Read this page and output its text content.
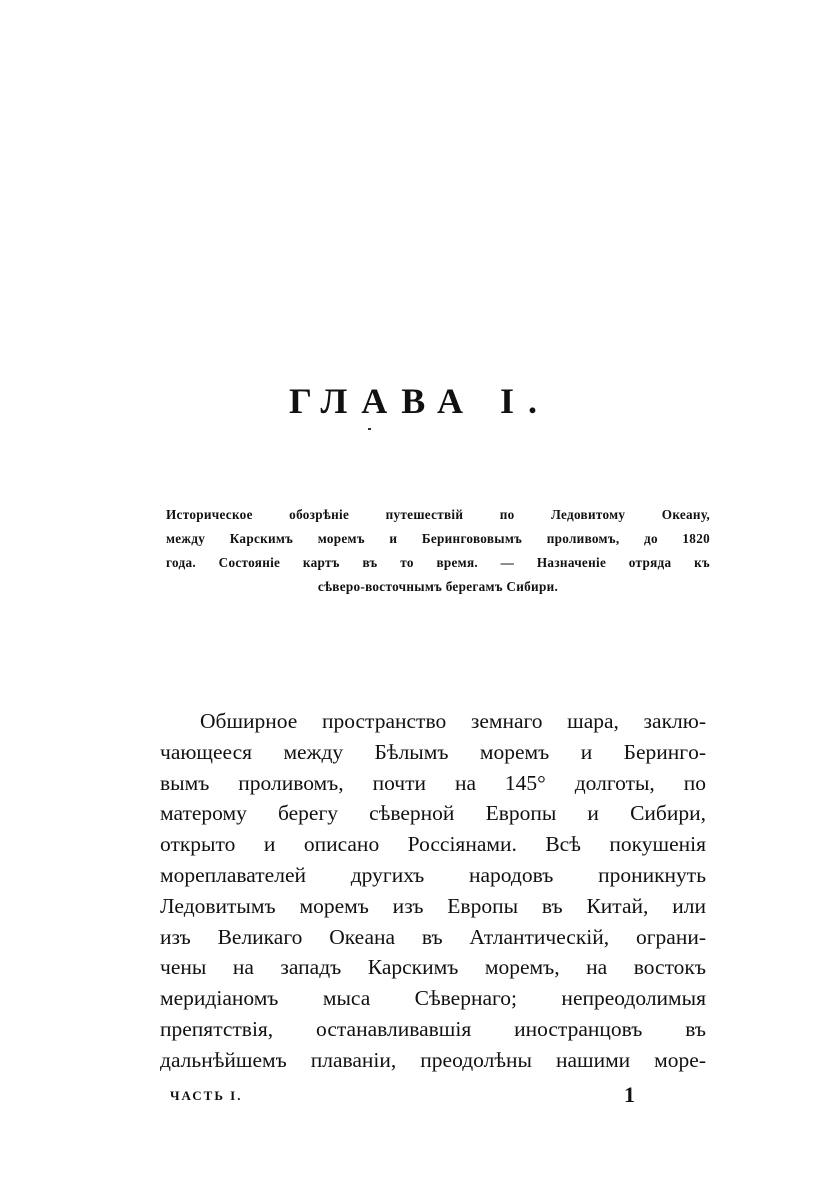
ГЛАВА I.
Историческое обозрѣніе путешествій по Ледовитому Океану,
между Карскимъ моремъ и Берингововымъ проливомъ, до 1820
года. Состояніе картъ въ то время. — Назначеніе отряда къ
сѣверо-восточнымъ берегамъ Сибири.
Обширное пространство земнаго шара, заклю-
чающееся между Бѣлымъ моремъ и Берингo-
вымъ проливомъ, почти на 145° долготы, по
матерому берегу сѣверной Европы и Сибири,
открыто и описано Россіянами. Всѣ покушенія
мореплавателей другихъ народовъ проникнуть
Ледовитымъ моремъ изъ Европы въ Китай, или
изъ Великаго Океана въ Атлантическій, ограни-
чены на западъ Карскимъ моремъ, на востокъ
меридіаномъ мыса Сѣвернаго; непреодолимыя
препятствія, останавливавшія иностранцовъ въ
дальнѣйшемъ плаваніи, преодолѣны нашими море-
ЧАСТЬ I.	1
